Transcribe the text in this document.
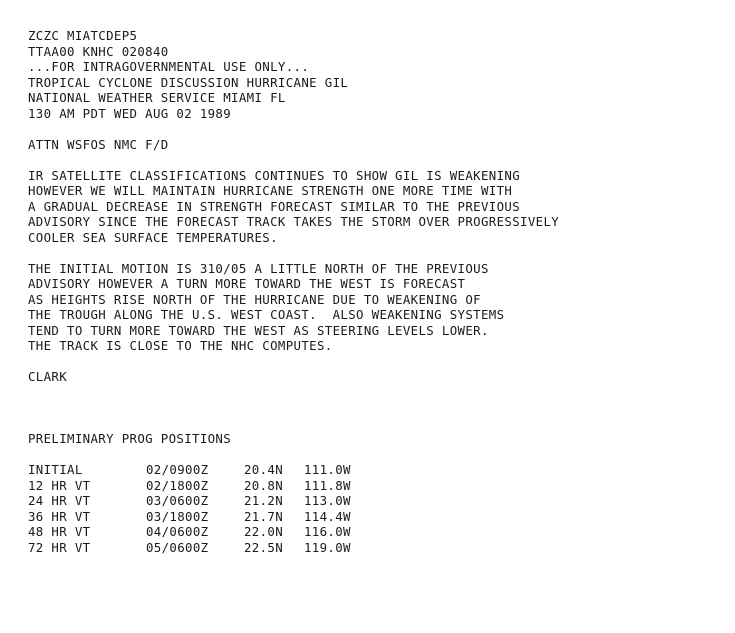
ZCZC MIATCDEP5
TTAA00 KNHC 020840
...FOR INTRAGOVERNMENTAL USE ONLY...
TROPICAL CYCLONE DISCUSSION HURRICANE GIL
NATIONAL WEATHER SERVICE MIAMI FL
130 AM PDT WED AUG 02 1989
ATTN WSFOS NMC F/D
IR SATELLITE CLASSIFICATIONS CONTINUES TO SHOW GIL IS WEAKENING
HOWEVER WE WILL MAINTAIN HURRICANE STRENGTH ONE MORE TIME WITH
A GRADUAL DECREASE IN STRENGTH FORECAST SIMILAR TO THE PREVIOUS
ADVISORY SINCE THE FORECAST TRACK TAKES THE STORM OVER PROGRESSIVELY
COOLER SEA SURFACE TEMPERATURES.
THE INITIAL MOTION IS 310/05 A LITTLE NORTH OF THE PREVIOUS
ADVISORY HOWEVER A TURN MORE TOWARD THE WEST IS FORECAST
AS HEIGHTS RISE NORTH OF THE HURRICANE DUE TO WEAKENING OF
THE TROUGH ALONG THE U.S. WEST COAST.  ALSO WEAKENING SYSTEMS
TEND TO TURN MORE TOWARD THE WEST AS STEERING LEVELS LOWER.
THE TRACK IS CLOSE TO THE NHC COMPUTES.
CLARK
PRELIMINARY PROG POSITIONS
INITIAL	02/0900Z	20.4N	111.0W
12 HR VT	02/1800Z	20.8N	111.8W
24 HR VT	03/0600Z	21.2N	113.0W
36 HR VT	03/1800Z	21.7N	114.4W
48 HR VT	04/0600Z	22.0N	116.0W
72 HR VT	05/0600Z	22.5N	119.0W
